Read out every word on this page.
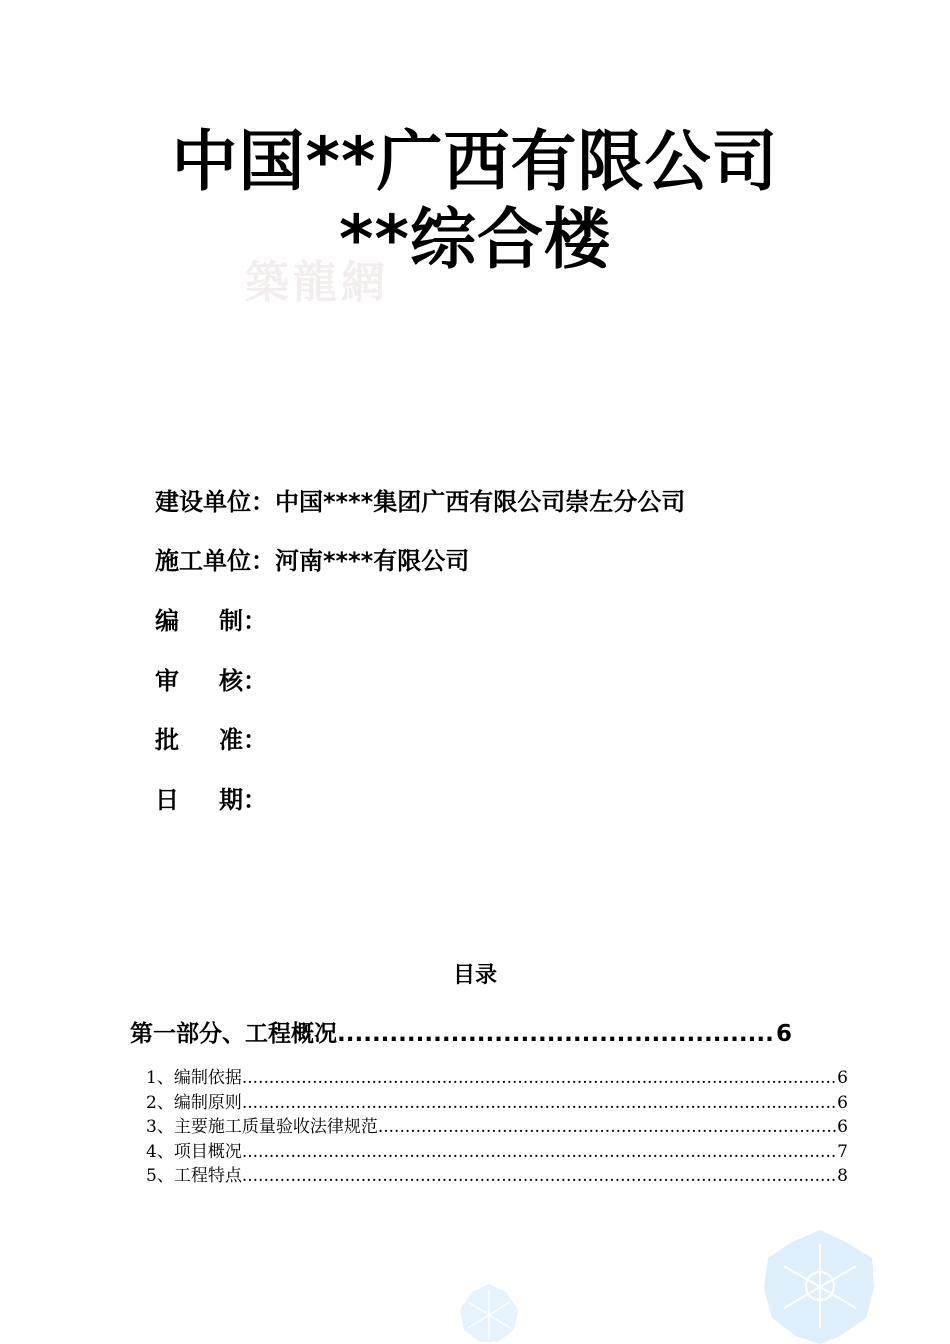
中国**广西有限公司
**综合楼
築龍網
建设单位：中国****集团广西有限公司崇左分公司
施工单位：河南****有限公司
编 制：
审 核：
批 准：
日 期：
目录
第一部分、工程概况 .....	6
1、编制依据 .....	6
2、编制原则 .....	6
3、主要施工质量验收法律规范 .....	6
4、项目概况 .....	7
5、工程特点 .....	8
